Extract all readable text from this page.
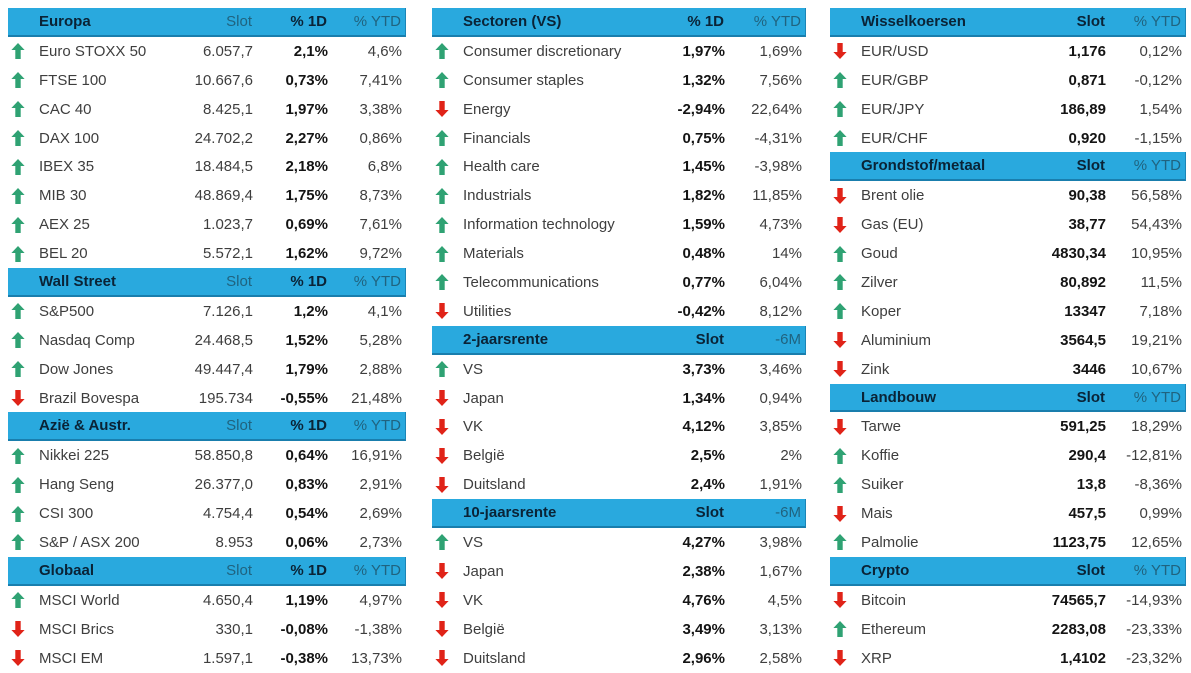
Europa	Slot	% 1D	% YTD
Euro STOXX 50	6.057,7	2,1%	4,6%
FTSE 100	10.667,6	0,73%	7,41%
CAC 40	8.425,1	1,97%	3,38%
DAX 100	24.702,2	2,27%	0,86%
IBEX 35	18.484,5	2,18%	6,8%
MIB 30	48.869,4	1,75%	8,73%
AEX 25	1.023,7	0,69%	7,61%
BEL 20	5.572,1	1,62%	9,72%
Wall Street	Slot	% 1D	% YTD
S&P500	7.126,1	1,2%	4,1%
Nasdaq Comp	24.468,5	1,52%	5,28%
Dow Jones	49.447,4	1,79%	2,88%
Brazil Bovespa	195.734	-0,55%	21,48%
Azië & Austr.	Slot	% 1D	% YTD
Nikkei 225	58.850,8	0,64%	16,91%
Hang Seng	26.377,0	0,83%	2,91%
CSI 300	4.754,4	0,54%	2,69%
S&P / ASX 200	8.953	0,06%	2,73%
Globaal	Slot	% 1D	% YTD
MSCI World	4.650,4	1,19%	4,97%
MSCI Brics	330,1	-0,08%	-1,38%
MSCI EM	1.597,1	-0,38%	13,73%
Sectoren (VS)	% 1D	% YTD
Consumer discretionary	1,97%	1,69%
Consumer staples	1,32%	7,56%
Energy	-2,94%	22,64%
Financials	0,75%	-4,31%
Health care	1,45%	-3,98%
Industrials	1,82%	11,85%
Information technology	1,59%	4,73%
Materials	0,48%	14%
Telecommunications	0,77%	6,04%
Utilities	-0,42%	8,12%
2-jaarsrente	Slot	-6M
VS	3,73%	3,46%
Japan	1,34%	0,94%
VK	4,12%	3,85%
België	2,5%	2%
Duitsland	2,4%	1,91%
10-jaarsrente	Slot	-6M
VS	4,27%	3,98%
Japan	2,38%	1,67%
VK	4,76%	4,5%
België	3,49%	3,13%
Duitsland	2,96%	2,58%
Wisselkoersen	Slot	% YTD
EUR/USD	1,176	0,12%
EUR/GBP	0,871	-0,12%
EUR/JPY	186,89	1,54%
EUR/CHF	0,920	-1,15%
Grondstof/metaal	Slot	% YTD
Brent olie	90,38	56,58%
Gas (EU)	38,77	54,43%
Goud	4830,34	10,95%
Zilver	80,892	11,5%
Koper	13347	7,18%
Aluminium	3564,5	19,21%
Zink	3446	10,67%
Landbouw	Slot	% YTD
Tarwe	591,25	18,29%
Koffie	290,4	-12,81%
Suiker	13,8	-8,36%
Mais	457,5	0,99%
Palmolie	1123,75	12,65%
Crypto	Slot	% YTD
Bitcoin	74565,7	-14,93%
Ethereum	2283,08	-23,33%
XRP	1,4102	-23,32%
